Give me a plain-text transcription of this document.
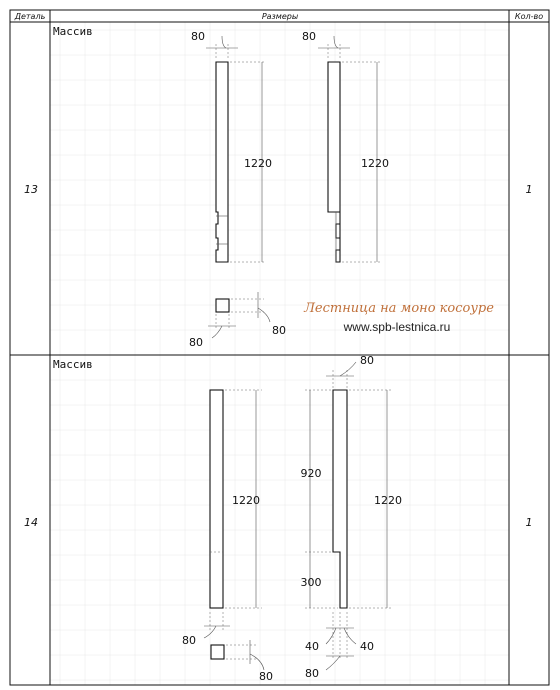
Деталь	Размеры	Кол-во
13	1
Массив	80
1220
80
1220
80
80
Лестница на моно косоуре
www.spb-lestnica.ru
14	1
Массив
1220
80
80
80
920
300
1220
40	40
80
